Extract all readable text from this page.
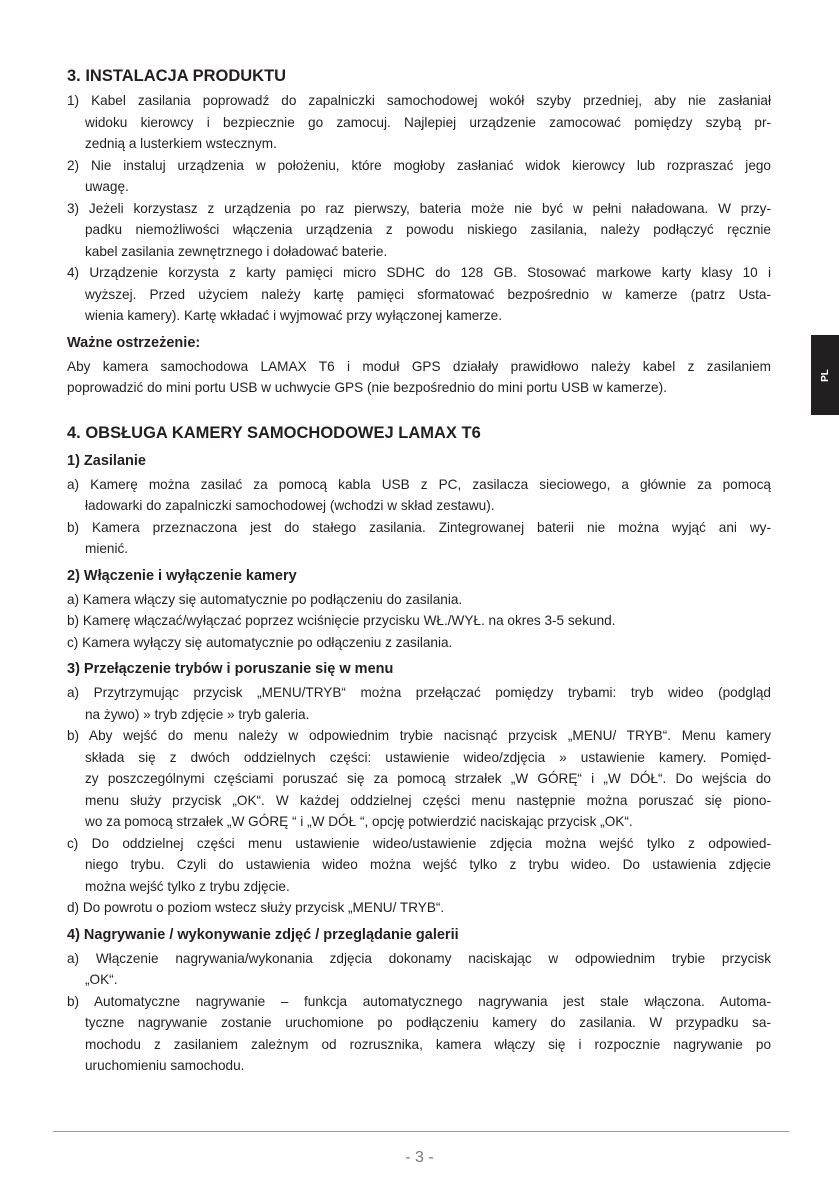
3. INSTALACJA PRODUKTU
1) Kabel zasilania poprowadź do zapalniczki samochodowej wokół szyby przedniej, aby nie zasłaniał
widoku kierowcy i bezpiecznie go zamocuj. Najlepiej urządzenie zamocować pomiędzy szybą pr-
zednią a lusterkiem wstecznym.
2) Nie instaluj urządzenia w położeniu, które mogłoby zasłaniać widok kierowcy lub rozpraszać jego
uwagę.
3) Jeżeli korzystasz z urządzenia po raz pierwszy, bateria może nie być w pełni naładowana. W przy-
padku niemożliwości włączenia urządzenia z powodu niskiego zasilania, należy podłączyć ręcznie
kabel zasilania zewnętrznego i doładować baterie.
4) Urządzenie korzysta z karty pamięci micro SDHC do 128 GB. Stosować markowe karty klasy 10 i
wyższej. Przed użyciem należy kartę pamięci sformatować bezpośrednio w kamerze (patrz Usta-
wienia kamery). Kartę wkładać i wyjmować przy wyłączonej kamerze.
Ważne ostrzeżenie:
Aby kamera samochodowa LAMAX T6 i moduł GPS działały prawidłowo należy kabel z zasilaniem
poprowadzić do mini portu USB w uchwycie GPS (nie bezpośrednio do mini portu USB w kamerze).
4. OBSŁUGA KAMERY SAMOCHODOWEJ LAMAX T6
1) Zasilanie
a) Kamerę można zasilać za pomocą kabla USB z PC, zasilacza sieciowego, a głównie za pomocą
ładowarki do zapalniczki samochodowej (wchodzi w skład zestawu).
b) Kamera przeznaczona jest do stałego zasilania. Zintegrowanej baterii nie można wyjąć ani wy-
mienić.
2) Włączenie i wyłączenie kamery
a) Kamera włączy się automatycznie po podłączeniu do zasilania.
b) Kamerę włączać/wyłączać poprzez wciśnięcie przycisku WŁ./WYŁ. na okres 3-5 sekund.
c) Kamera wyłączy się automatycznie po odłączeniu z zasilania.
3) Przełączenie trybów i poruszanie się w menu
a) Przytrzymując przycisk „MENU/TRYB“ można przełączać pomiędzy trybami: tryb wideo (podgląd
na żywo) » tryb zdjęcie » tryb galeria.
b) Aby wejść do menu należy w odpowiednim trybie nacisnąć przycisk „MENU/ TRYB“. Menu kamery
składa się z dwóch oddzielnych części: ustawienie wideo/zdjęcia » ustawienie kamery. Pomięd-
zy poszczególnymi częściami poruszać się za pomocą strzałek „W GÓRĘ“ i „W DÓŁ“. Do wejścia do
menu służy przycisk „OK“. W każdej oddzielnej części menu następnie można poruszać się piono-
wo za pomocą strzałek „W GÓRĘ “ i „W DÓŁ “, opcję potwierdzić naciskając przycisk „OK“.
c) Do oddzielnej części menu ustawienie wideo/ustawienie zdjęcia można wejść tylko z odpowied-
niego trybu. Czyli do ustawienia wideo można wejść tylko z trybu wideo. Do ustawienia zdjęcie
można wejść tylko z trybu zdjęcie.
d) Do powrotu o poziom wstecz służy przycisk „MENU/ TRYB“.
4) Nagrywanie / wykonywanie zdjęć / przeglądanie galerii
a) Włączenie nagrywania/wykonania zdjęcia dokonamy naciskając w odpowiednim trybie przycisk
„OK“.
b) Automatyczne nagrywanie – funkcja automatycznego nagrywania jest stale włączona. Automa-
tyczne nagrywanie zostanie uruchomione po podłączeniu kamery do zasilania. W przypadku sa-
mochodu z zasilaniem zależnym od rozrusznika, kamera włączy się i rozpocznie nagrywanie po
uruchomieniu samochodu.
PL
- 3 -
